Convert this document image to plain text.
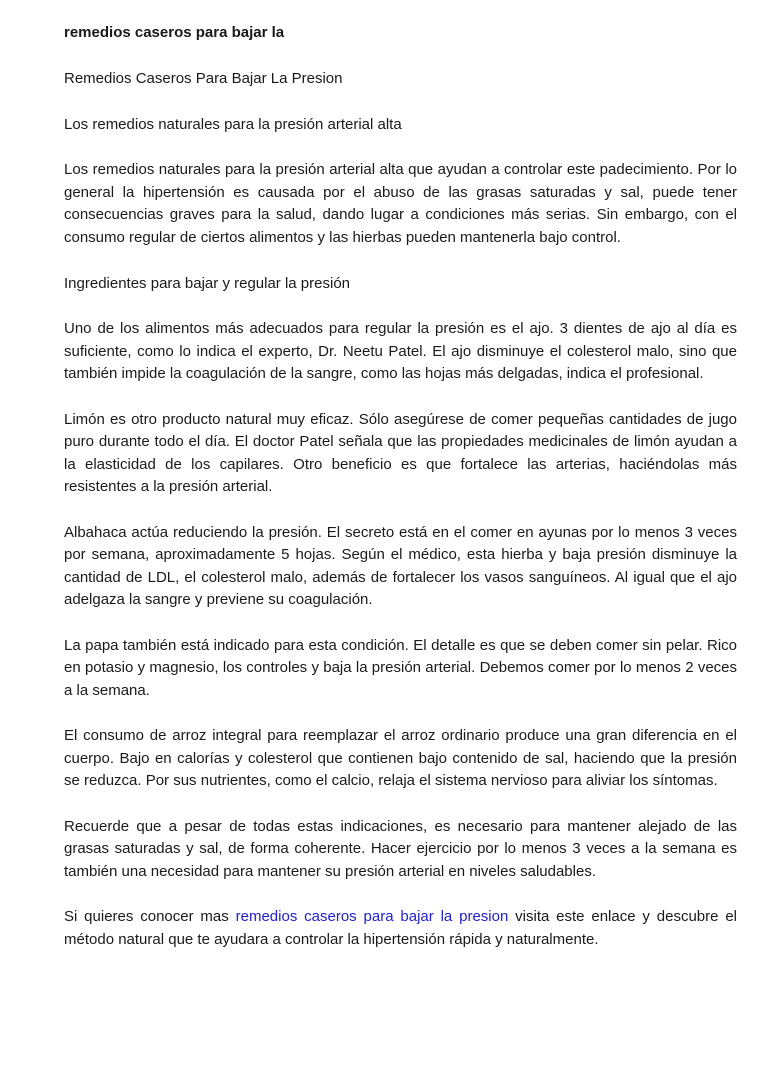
remedios caseros para bajar la
Remedios Caseros Para Bajar La Presion
Los remedios naturales para la presión arterial alta

Los remedios naturales para la presión arterial alta que ayudan a controlar este padecimiento. Por lo general la hipertensión es causada por el abuso de las grasas saturadas y sal, puede tener consecuencias graves para la salud, dando lugar a condiciones más serias. Sin embargo, con el consumo regular de ciertos alimentos y las hierbas pueden mantenerla bajo control.

Ingredientes para bajar y regular la presión

Uno de los alimentos más adecuados para regular la presión es el ajo. 3 dientes de ajo al día es suficiente, como lo indica el experto, Dr. Neetu Patel. El ajo disminuye el colesterol malo, sino que también impide la coagulación de la sangre, como las hojas más delgadas, indica el profesional.

Limón es otro producto natural muy eficaz. Sólo asegúrese de comer pequeñas cantidades de jugo puro durante todo el día. El doctor Patel señala que las propiedades medicinales de limón ayudan a la elasticidad de los capilares. Otro beneficio es que fortalece las arterias, haciéndolas más resistentes a la presión arterial.

Albahaca actúa reduciendo la presión. El secreto está en el comer en ayunas por lo menos 3 veces por semana, aproximadamente 5 hojas. Según el médico, esta hierba y baja presión disminuye la cantidad de LDL, el colesterol malo, además de fortalecer los vasos sanguíneos. Al igual que el ajo adelgaza la sangre y previene su coagulación.

La papa también está indicado para esta condición. El detalle es que se deben comer sin pelar. Rico en potasio y magnesio, los controles y baja la presión arterial. Debemos comer por lo menos 2 veces a la semana.

El consumo de arroz integral para reemplazar el arroz ordinario produce una gran diferencia en el cuerpo. Bajo en calorías y colesterol que contienen bajo contenido de sal, haciendo que la presión se reduzca. Por sus nutrientes, como el calcio, relaja el sistema nervioso para aliviar los síntomas.

Recuerde que a pesar de todas estas indicaciones, es necesario para mantener alejado de las grasas saturadas y sal, de forma coherente. Hacer ejercicio por lo menos 3 veces a la semana es también una necesidad para mantener su presión arterial en niveles saludables.

Si quieres conocer mas remedios caseros para bajar la presion visita este enlace y descubre el método natural que te ayudara a controlar la hipertensión rápida y naturalmente.
